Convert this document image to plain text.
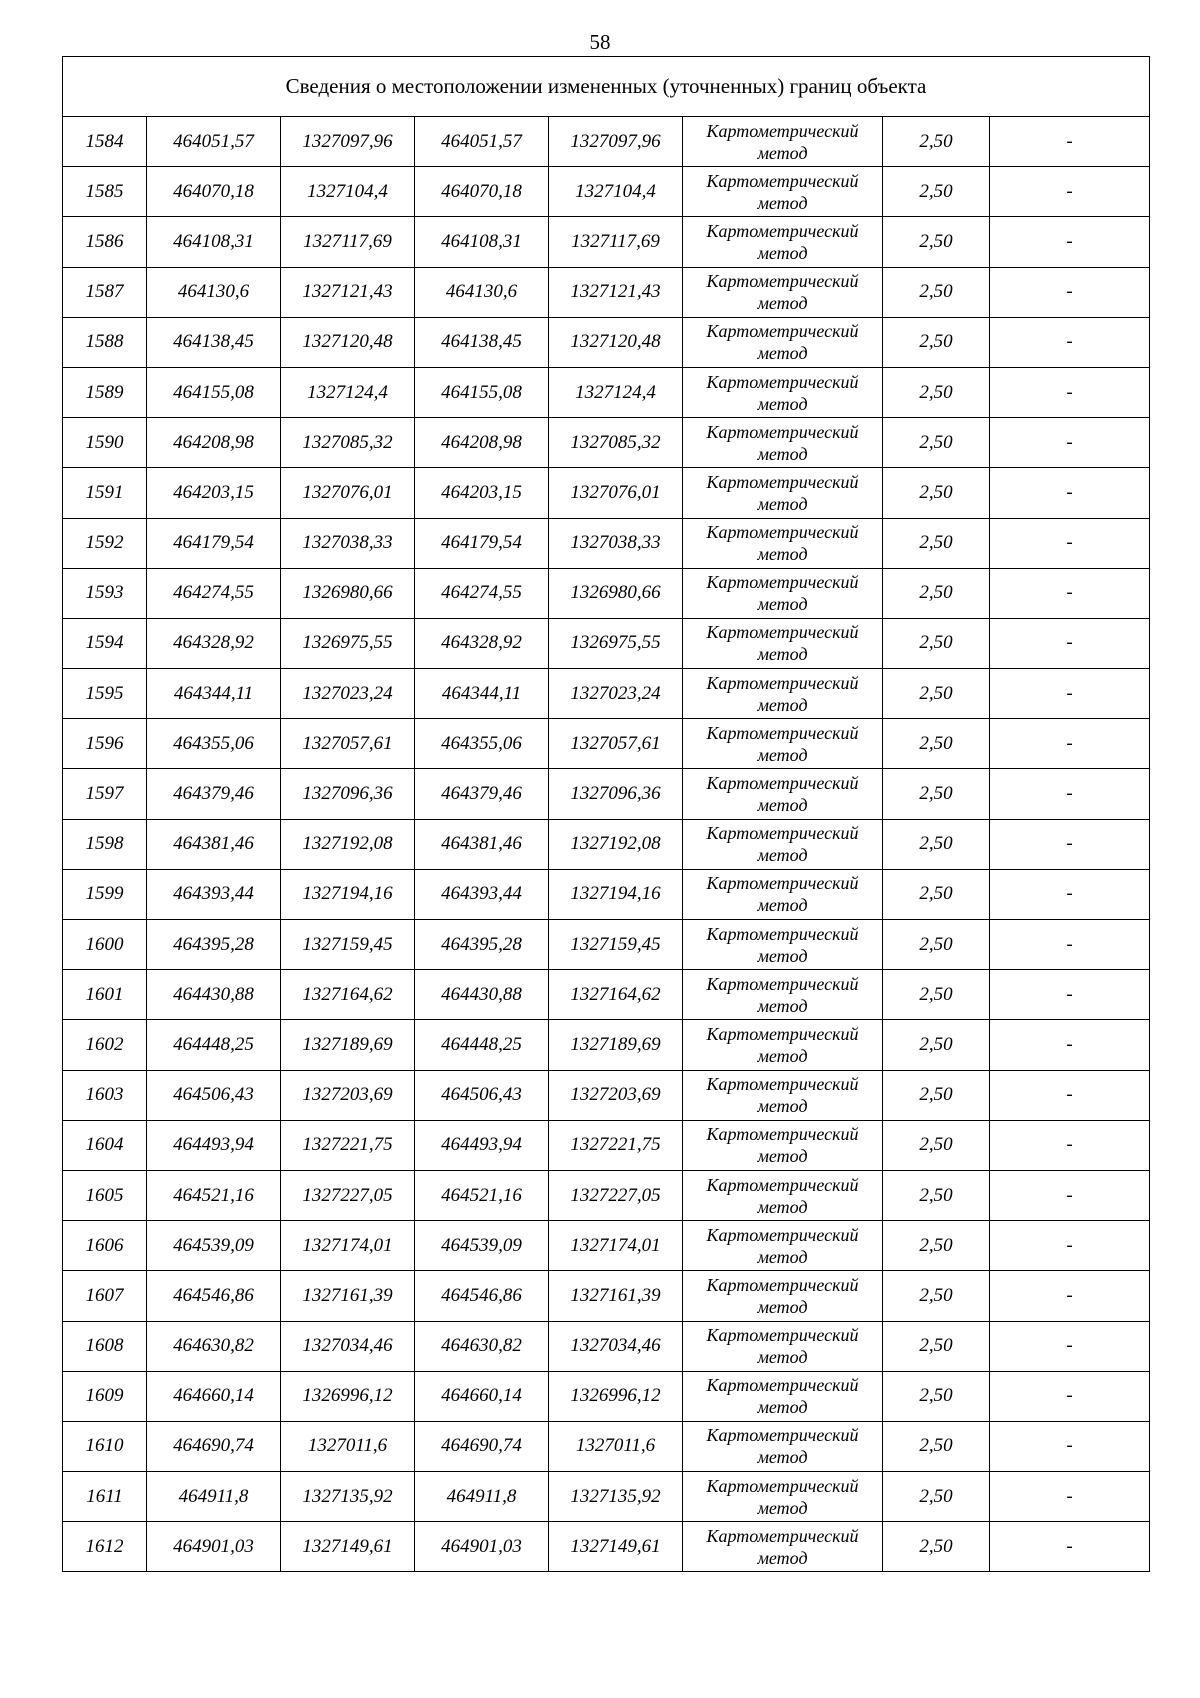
58
Сведения о местоположении измененных (уточненных) границ объекта							
1584	464051,57	1327097,96	464051,57	1327097,96	Картометрический метод	2,50	-
1585	464070,18	1327104,4	464070,18	1327104,4	Картометрический метод	2,50	-
1586	464108,31	1327117,69	464108,31	1327117,69	Картометрический метод	2,50	-
1587	464130,6	1327121,43	464130,6	1327121,43	Картометрический метод	2,50	-
1588	464138,45	1327120,48	464138,45	1327120,48	Картометрический метод	2,50	-
1589	464155,08	1327124,4	464155,08	1327124,4	Картометрический метод	2,50	-
1590	464208,98	1327085,32	464208,98	1327085,32	Картометрический метод	2,50	-
1591	464203,15	1327076,01	464203,15	1327076,01	Картометрический метод	2,50	-
1592	464179,54	1327038,33	464179,54	1327038,33	Картометрический метод	2,50	-
1593	464274,55	1326980,66	464274,55	1326980,66	Картометрический метод	2,50	-
1594	464328,92	1326975,55	464328,92	1326975,55	Картометрический метод	2,50	-
1595	464344,11	1327023,24	464344,11	1327023,24	Картометрический метод	2,50	-
1596	464355,06	1327057,61	464355,06	1327057,61	Картометрический метод	2,50	-
1597	464379,46	1327096,36	464379,46	1327096,36	Картометрический метод	2,50	-
1598	464381,46	1327192,08	464381,46	1327192,08	Картометрический метод	2,50	-
1599	464393,44	1327194,16	464393,44	1327194,16	Картометрический метод	2,50	-
1600	464395,28	1327159,45	464395,28	1327159,45	Картометрический метод	2,50	-
1601	464430,88	1327164,62	464430,88	1327164,62	Картометрический метод	2,50	-
1602	464448,25	1327189,69	464448,25	1327189,69	Картометрический метод	2,50	-
1603	464506,43	1327203,69	464506,43	1327203,69	Картометрический метод	2,50	-
1604	464493,94	1327221,75	464493,94	1327221,75	Картометрический метод	2,50	-
1605	464521,16	1327227,05	464521,16	1327227,05	Картометрический метод	2,50	-
1606	464539,09	1327174,01	464539,09	1327174,01	Картометрический метод	2,50	-
1607	464546,86	1327161,39	464546,86	1327161,39	Картометрический метод	2,50	-
1608	464630,82	1327034,46	464630,82	1327034,46	Картометрический метод	2,50	-
1609	464660,14	1326996,12	464660,14	1326996,12	Картометрический метод	2,50	-
1610	464690,74	1327011,6	464690,74	1327011,6	Картометрический метод	2,50	-
1611	464911,8	1327135,92	464911,8	1327135,92	Картометрический метод	2,50	-
1612	464901,03	1327149,61	464901,03	1327149,61	Картометрический метод	2,50	-
